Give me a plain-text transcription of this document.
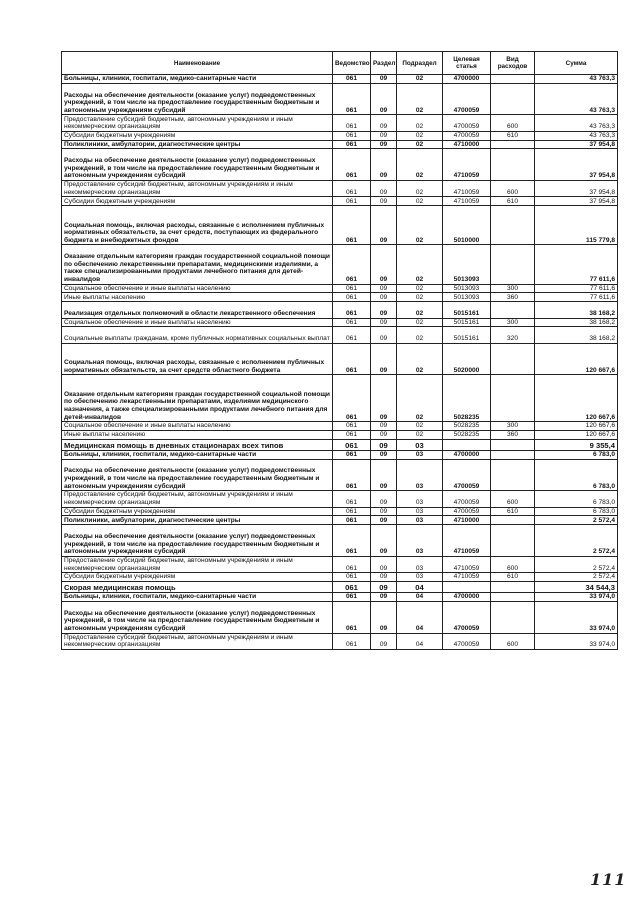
Наименование	Ведомство	Раздел	Подраздел	Целевая статья	Вид расходов	Сумма
Больницы, клиники, госпитали, медико-санитарные части	061	09	02	4700000		43 763,3
Расходы на обеспечение деятельности (оказание услуг) подведомственных учреждений, в том числе на предоставление государственным бюджетным и автономным учреждениям субсидий	061	09	02	4700059		43 763,3
Предоставление субсидий бюджетным, автономным учреждениям и иным некоммерческим организациям	061	09	02	4700059	600	43 763,3
Субсидии бюджетным учреждениям	061	09	02	4700059	610	43 763,3
Поликлиники, амбулатории, диагностические центры	061	09	02	4710000		37 954,8
Расходы на обеспечение деятельности (оказание услуг) подведомственных учреждений, в том числе на предоставление государственным бюджетным и автономным учреждениям субсидий	061	09	02	4710059		37 954,8
Предоставление субсидий бюджетным, автономным учреждениям и иным некоммерческим организациям	061	09	02	4710059	600	37 954,8
Субсидии бюджетным учреждениям	061	09	02	4710059	610	37 954,8
Социальная помощь, включая расходы, связанные с исполнением публичных нормативных обязательств, за счет средств, поступающих из федерального бюджета и внебюджетных фондов	061	09	02	5010000		115 779,8
Оказание отдельным категориям граждан государственной социальной помощи по обеспечению лекарственными препаратами, медицинскими изделиями, а также специализированными продуктами лечебного питания для детей-инвалидов	061	09	02	5013093		77 611,6
Социальное обеспечение и иные выплаты населению	061	09	02	5013093	300	77 611,6
Иные выплаты населению	061	09	02	5013093	360	77 611,6
Реализация отдельных полномочий в области лекарственного обеспечения	061	09	02	5015161		38 168,2
Социальное обеспечение и иные выплаты населению	061	09	02	5015161	300	38 168,2
Социальные выплаты гражданам, кроме публичных нормативных социальных выплат	061	09	02	5015161	320	38 168,2
Социальная помощь, включая расходы, связанные с исполнением публичных нормативных обязательств, за счет средств областного бюджета	061	09	02	5020000		120 667,6
Оказание отдельным категориям граждан государственной социальной помощи по обеспечению лекарственными препаратами, изделиями медицинского назначения, а также специализированными продуктами лечебного питания для детей-инвалидов	061	09	02	5028235		120 667,6
Социальное обеспечение и иные выплаты населению	061	09	02	5028235	300	120 667,6
Иные выплаты населению	061	09	02	5028235	360	120 667,6
Медицинская помощь в дневных стационарах всех типов	061	09	03			9 355,4
Больницы, клиники, госпитали, медико-санитарные части	061	09	03	4700000		6 783,0
Расходы на обеспечение деятельности (оказание услуг) подведомственных учреждений, в том числе на предоставление государственным бюджетным и автономным учреждениям субсидий	061	09	03	4700059		6 783,0
Предоставление субсидий бюджетным, автономным учреждениям и иным некоммерческим организациям	061	09	03	4700059	600	6 783,0
Субсидии бюджетным учреждениям	061	09	03	4700059	610	6 783,0
Поликлиники, амбулатории, диагностические центры	061	09	03	4710000		2 572,4
Расходы на обеспечение деятельности (оказание услуг) подведомственных учреждений, в том числе на предоставление государственным бюджетным и автономным учреждениям субсидий	061	09	03	4710059		2 572,4
Предоставление субсидий бюджетным, автономным учреждениям и иным некоммерческим организациям	061	09	03	4710059	600	2 572,4
Субсидии бюджетным учреждениям	061	09	03	4710059	610	2 572,4
Скорая медицинская помощь	061	09	04			34 544,3
Больницы, клиники, госпитали, медико-санитарные части	061	09	04	4700000		33 974,0
Расходы на обеспечение деятельности (оказание услуг) подведомственных учреждений, в том числе на предоставление государственным бюджетным и автономным учреждениям субсидий	061	09	04	4700059		33 974,0
Предоставление субсидий бюджетным, автономным учреждениям и иным некоммерческим организациям	061	09	04	4700059	600	33 974,0
111
